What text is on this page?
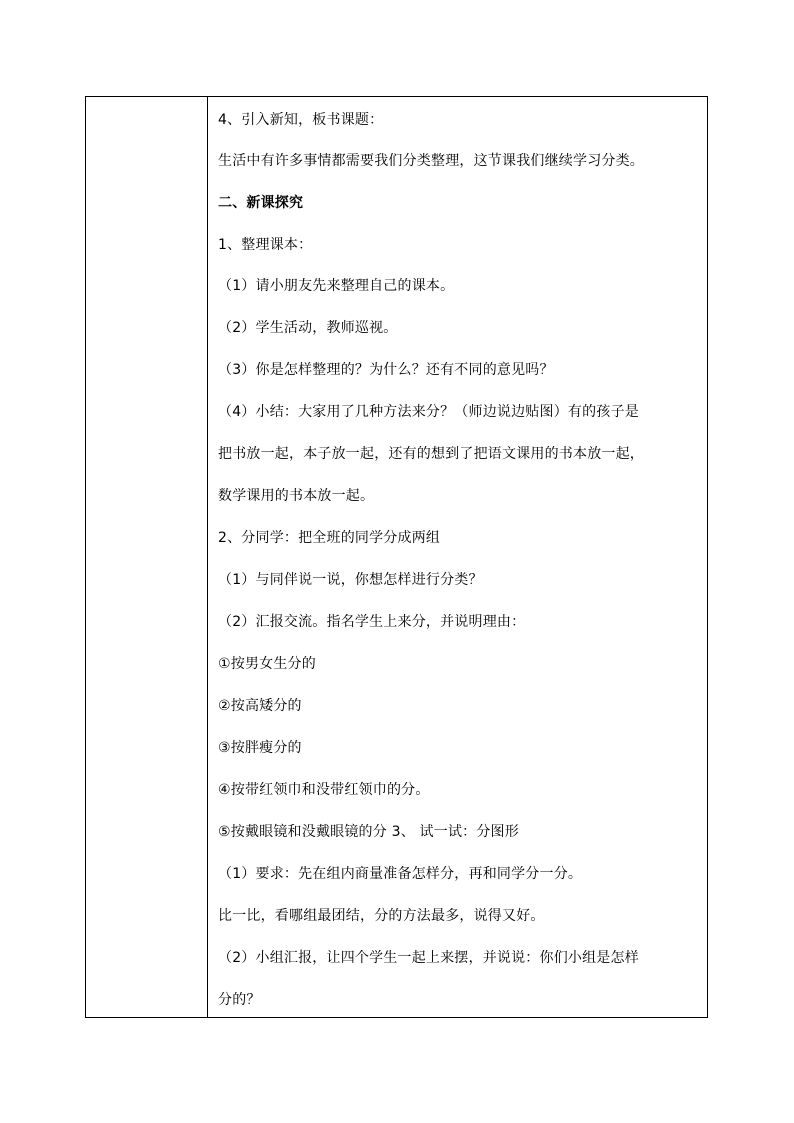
4、引入新知，板书课题：
生活中有许多事情都需要我们分类整理，这节课我们继续学习分类。
二、新课探究
1、整理课本：
（1）请小朋友先来整理自己的课本。
（2）学生活动，教师巡视。
（3）你是怎样整理的？为什么？还有不同的意见吗？
（4）小结：大家用了几种方法来分？（师边说边贴图）有的孩子是
把书放一起，本子放一起，还有的想到了把语文课用的书本放一起，
数学课用的书本放一起。
2、分同学：把全班的同学分成两组
（1）与同伴说一说，你想怎样进行分类？
（2）汇报交流。指名学生上来分，并说明理由：
①按男女生分的
②按高矮分的
③按胖瘦分的
④按带红领巾和没带红领巾的分。
⑤按戴眼镜和没戴眼镜的分 3、 试一试：分图形
（1）要求：先在组内商量准备怎样分，再和同学分一分。
比一比，看哪组最团结，分的方法最多，说得又好。
（2）小组汇报，让四个学生一起上来摆，并说说：你们小组是怎样
分的？
